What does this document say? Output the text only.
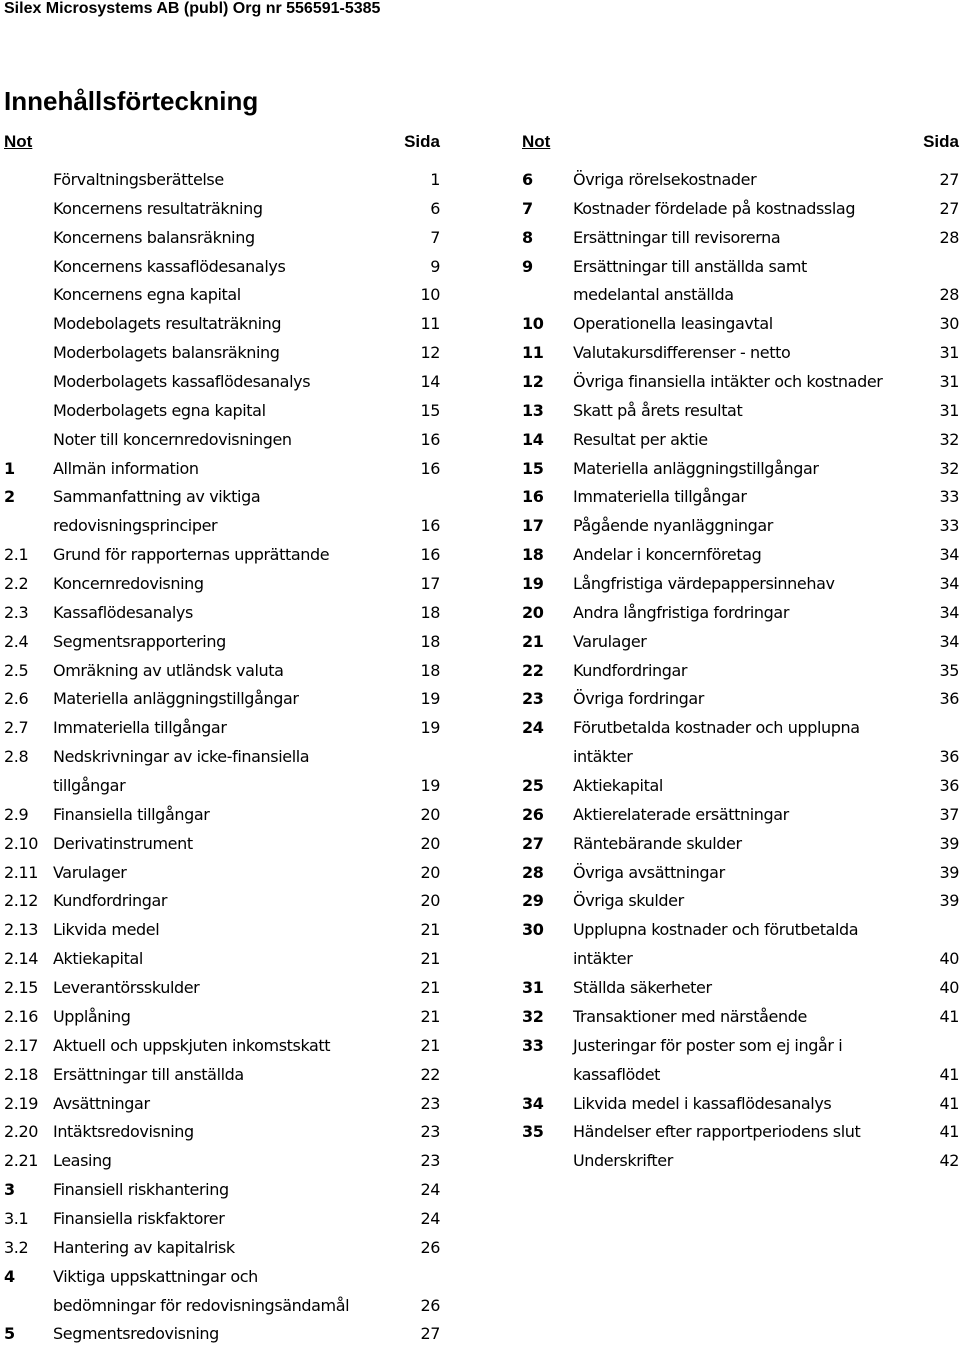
Silex Microsystems AB (publ) Org nr 556591-5385
Innehållsförteckning
Not	Sida	Not	Sida
Förvaltningsberättelse	1
Koncernens resultaträkning	6
Koncernens balansräkning	7
Koncernens kassaflödesanalys	9
Koncernens egna kapital	10
Modebolagets resultaträkning	11
Moderbolagets balansräkning	12
Moderbolagets kassaflödesanalys	14
Moderbolagets egna kapital	15
Noter till koncernredovisningen	16
1 Allmän information	16
2 Sammanfattning av viktiga
redovisningsprinciper	16
2.1 Grund för rapporternas upprättande	16
2.2 Koncernredovisning	17
2.3 Kassaflödesanalys	18
2.4 Segmentsrapportering	18
2.5 Omräkning av utländsk valuta	18
2.6 Materiella anläggningstillgångar	19
2.7 Immateriella tillgångar	19
2.8 Nedskrivningar av icke-finansiella
tillgångar	19
2.9 Finansiella tillgångar	20
2.10 Derivatinstrument	20
2.11 Varulager	20
2.12 Kundfordringar	20
2.13 Likvida medel	21
2.14 Aktiekapital	21
2.15 Leverantörsskulder	21
2.16 Upplåning	21
2.17 Aktuell och uppskjuten inkomstskatt	21
2.18 Ersättningar till anställda	22
2.19 Avsättningar	23
2.20 Intäktsredovisning	23
2.21 Leasing	23
3 Finansiell riskhantering	24
3.1 Finansiella riskfaktorer	24
3.2 Hantering av kapitalrisk	26
4 Viktiga uppskattningar och
bedömningar för redovisningsändamål	26
5 Segmentsredovisning	27
6	Övriga rörelsekostnader	27
7	Kostnader fördelade på kostnadsslag	27
8	Ersättningar till revisorerna	28
9	Ersättningar till anställda samt
medelantal anställda	28
10 Operationella leasingavtal	30
11 Valutakursdifferenser - netto	31
12 Övriga finansiella intäkter och kostnader	31
13 Skatt på årets resultat	31
14 Resultat per aktie	32
15 Materiella anläggningstillgångar	32
16 Immateriella tillgångar	33
17 Pågående nyanläggningar	33
18 Andelar i koncernföretag	34
19 Långfristiga värdepappersinnehav	34
20 Andra långfristiga fordringar	34
21 Varulager	34
22 Kundfordringar	35
23 Övriga fordringar	36
24 Förutbetalda kostnader och upplupna
intäkter	36
25 Aktiekapital	36
26 Aktierelaterade ersättningar	37
27 Räntebärande skulder	39
28 Övriga avsättningar	39
29 Övriga skulder	39
30 Upplupna kostnader och förutbetalda
intäkter	40
31 Ställda säkerheter	40
32 Transaktioner med närstående	41
33 Justeringar för poster som ej ingår i
kassaflödet	41
34 Likvida medel i kassaflödesanalys	41
35 Händelser efter rapportperiodens slut	41
Underskrifter	42
